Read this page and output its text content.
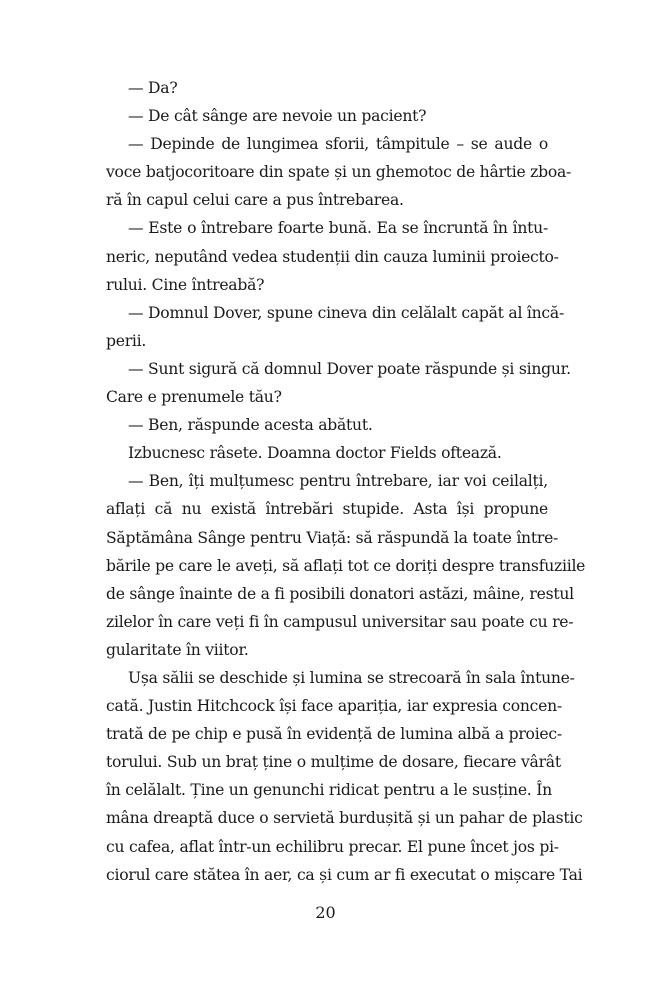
— Da?
— De cât sânge are nevoie un pacient?
— Depinde de lungimea sforii, tâmpitule – se aude o
voce batjocoritoare din spate și un ghemotoc de hârtie zboa-
ră în capul celui care a pus întrebarea.
— Este o întrebare foarte bună. Ea se încruntă în întu-
neric, neputând vedea studenții din cauza luminii proiecto-
rului. Cine întreabă?
— Domnul Dover, spune cineva din celălalt capăt al încă-
perii.
— Sunt sigură că domnul Dover poate răspunde și singur.
Care e prenumele tău?
— Ben, răspunde acesta abătut.
Izbucnesc râsete. Doamna doctor Fields oftează.
— Ben, îți mulțumesc pentru întrebare, iar voi ceilalți,
aflați că nu există întrebări stupide. Asta își propune
Săptămâna Sânge pentru Viață: să răspundă la toate între-
bările pe care le aveți, să aflați tot ce doriți despre transfuziile
de sânge înainte de a fi posibili donatori astăzi, mâine, restul
zilelor în care veți fi în campusul universitar sau poate cu re-
gularitate în viitor.
Ușa sălii se deschide și lumina se strecoară în sala întune-
cată. Justin Hitchcock își face apariția, iar expresia concen-
trată de pe chip e pusă în evidență de lumina albă a proiec-
torului. Sub un braț ține o mulțime de dosare, fiecare vârât
în celălalt. Ține un genunchi ridicat pentru a le susține. În
mâna dreaptă duce o servietă burdușită și un pahar de plastic
cu cafea, aflat într-un echilibru precar. El pune încet jos pi-
ciorul care stătea în aer, ca și cum ar fi executat o mișcare Tai
20
